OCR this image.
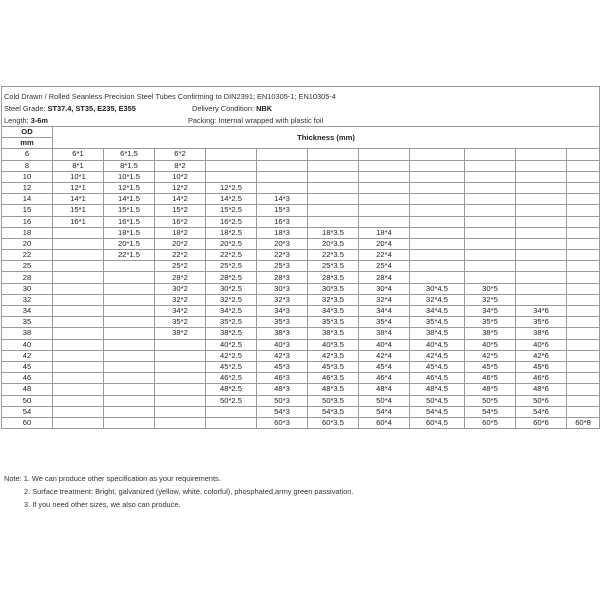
Cold Drawn / Rolled Seanless Precision Steel Tubes Confirming to DIN2391; EN10305-1; EN10305-4
Steel Grade: ST37.4, ST35, E235, E355	Delivery Condition: NBK
Length: 3-6m	Packing: Internal wrapped with plastic foil
OD	Thickness (mm)										
mm											
6	6*1	6*1.5	6*2								
8	8*1	8*1.5	8*2								
10	10*1	10*1.5	10*2								
12	12*1	12*1.5	12*2	12*2.5							
14	14*1	14*1.5	14*2	14*2.5	14*3						
15	15*1	15*1.5	15*2	15*2.5	15*3						
16	16*1	16*1.5	16*2	16*2.5	16*3						
18		18*1.5	18*2	18*2.5	18*3	18*3.5	18*4				
20		20*1.5	20*2	20*2.5	20*3	20*3.5	20*4				
22		22*1.5	22*2	22*2.5	22*3	22*3.5	22*4				
25			25*2	25*2.5	25*3	25*3.5	25*4				
28			28*2	28*2.5	28*3	28*3.5	28*4				
30			30*2	30*2.5	30*3	30*3.5	30*4	30*4.5	30*5		
32			32*2	32*2.5	32*3	32*3.5	32*4	32*4.5	32*5		
34			34*2	34*2.5	34*3	34*3.5	34*4	34*4.5	34*5	34*6	
35			35*2	35*2.5	35*3	35*3.5	35*4	35*4.5	35*5	35*6	
38			38*2	38*2.5	38*3	38*3.5	38*4	38*4.5	38*5	38*6	
40				40*2.5	40*3	40*3.5	40*4	40*4.5	40*5	40*6	
42				42*2.5	42*3	42*3.5	42*4	42*4.5	42*5	42*6	
45				45*2.5	45*3	45*3.5	45*4	45*4.5	45*5	45*6	
46				46*2.5	46*3	46*3.5	46*4	46*4.5	46*5	46*6	
48				48*2.5	48*3	48*3.5	48*4	48*4.5	48*5	48*6	
50				50*2.5	50*3	50*3.5	50*4	50*4.5	50*5	50*6	
54					54*3	54*3.5	54*4	54*4.5	54*5	54*6	
60					60*3	60*3.5	60*4	60*4.5	60*5	60*6	60*8
Note: 1. We can produce other specification as your requirements.
2. Surface treatment: Bright, galvanized (yellow, white, colorful), phosphated,army green passivation.
3. If you need other sizes, we also can produce.
